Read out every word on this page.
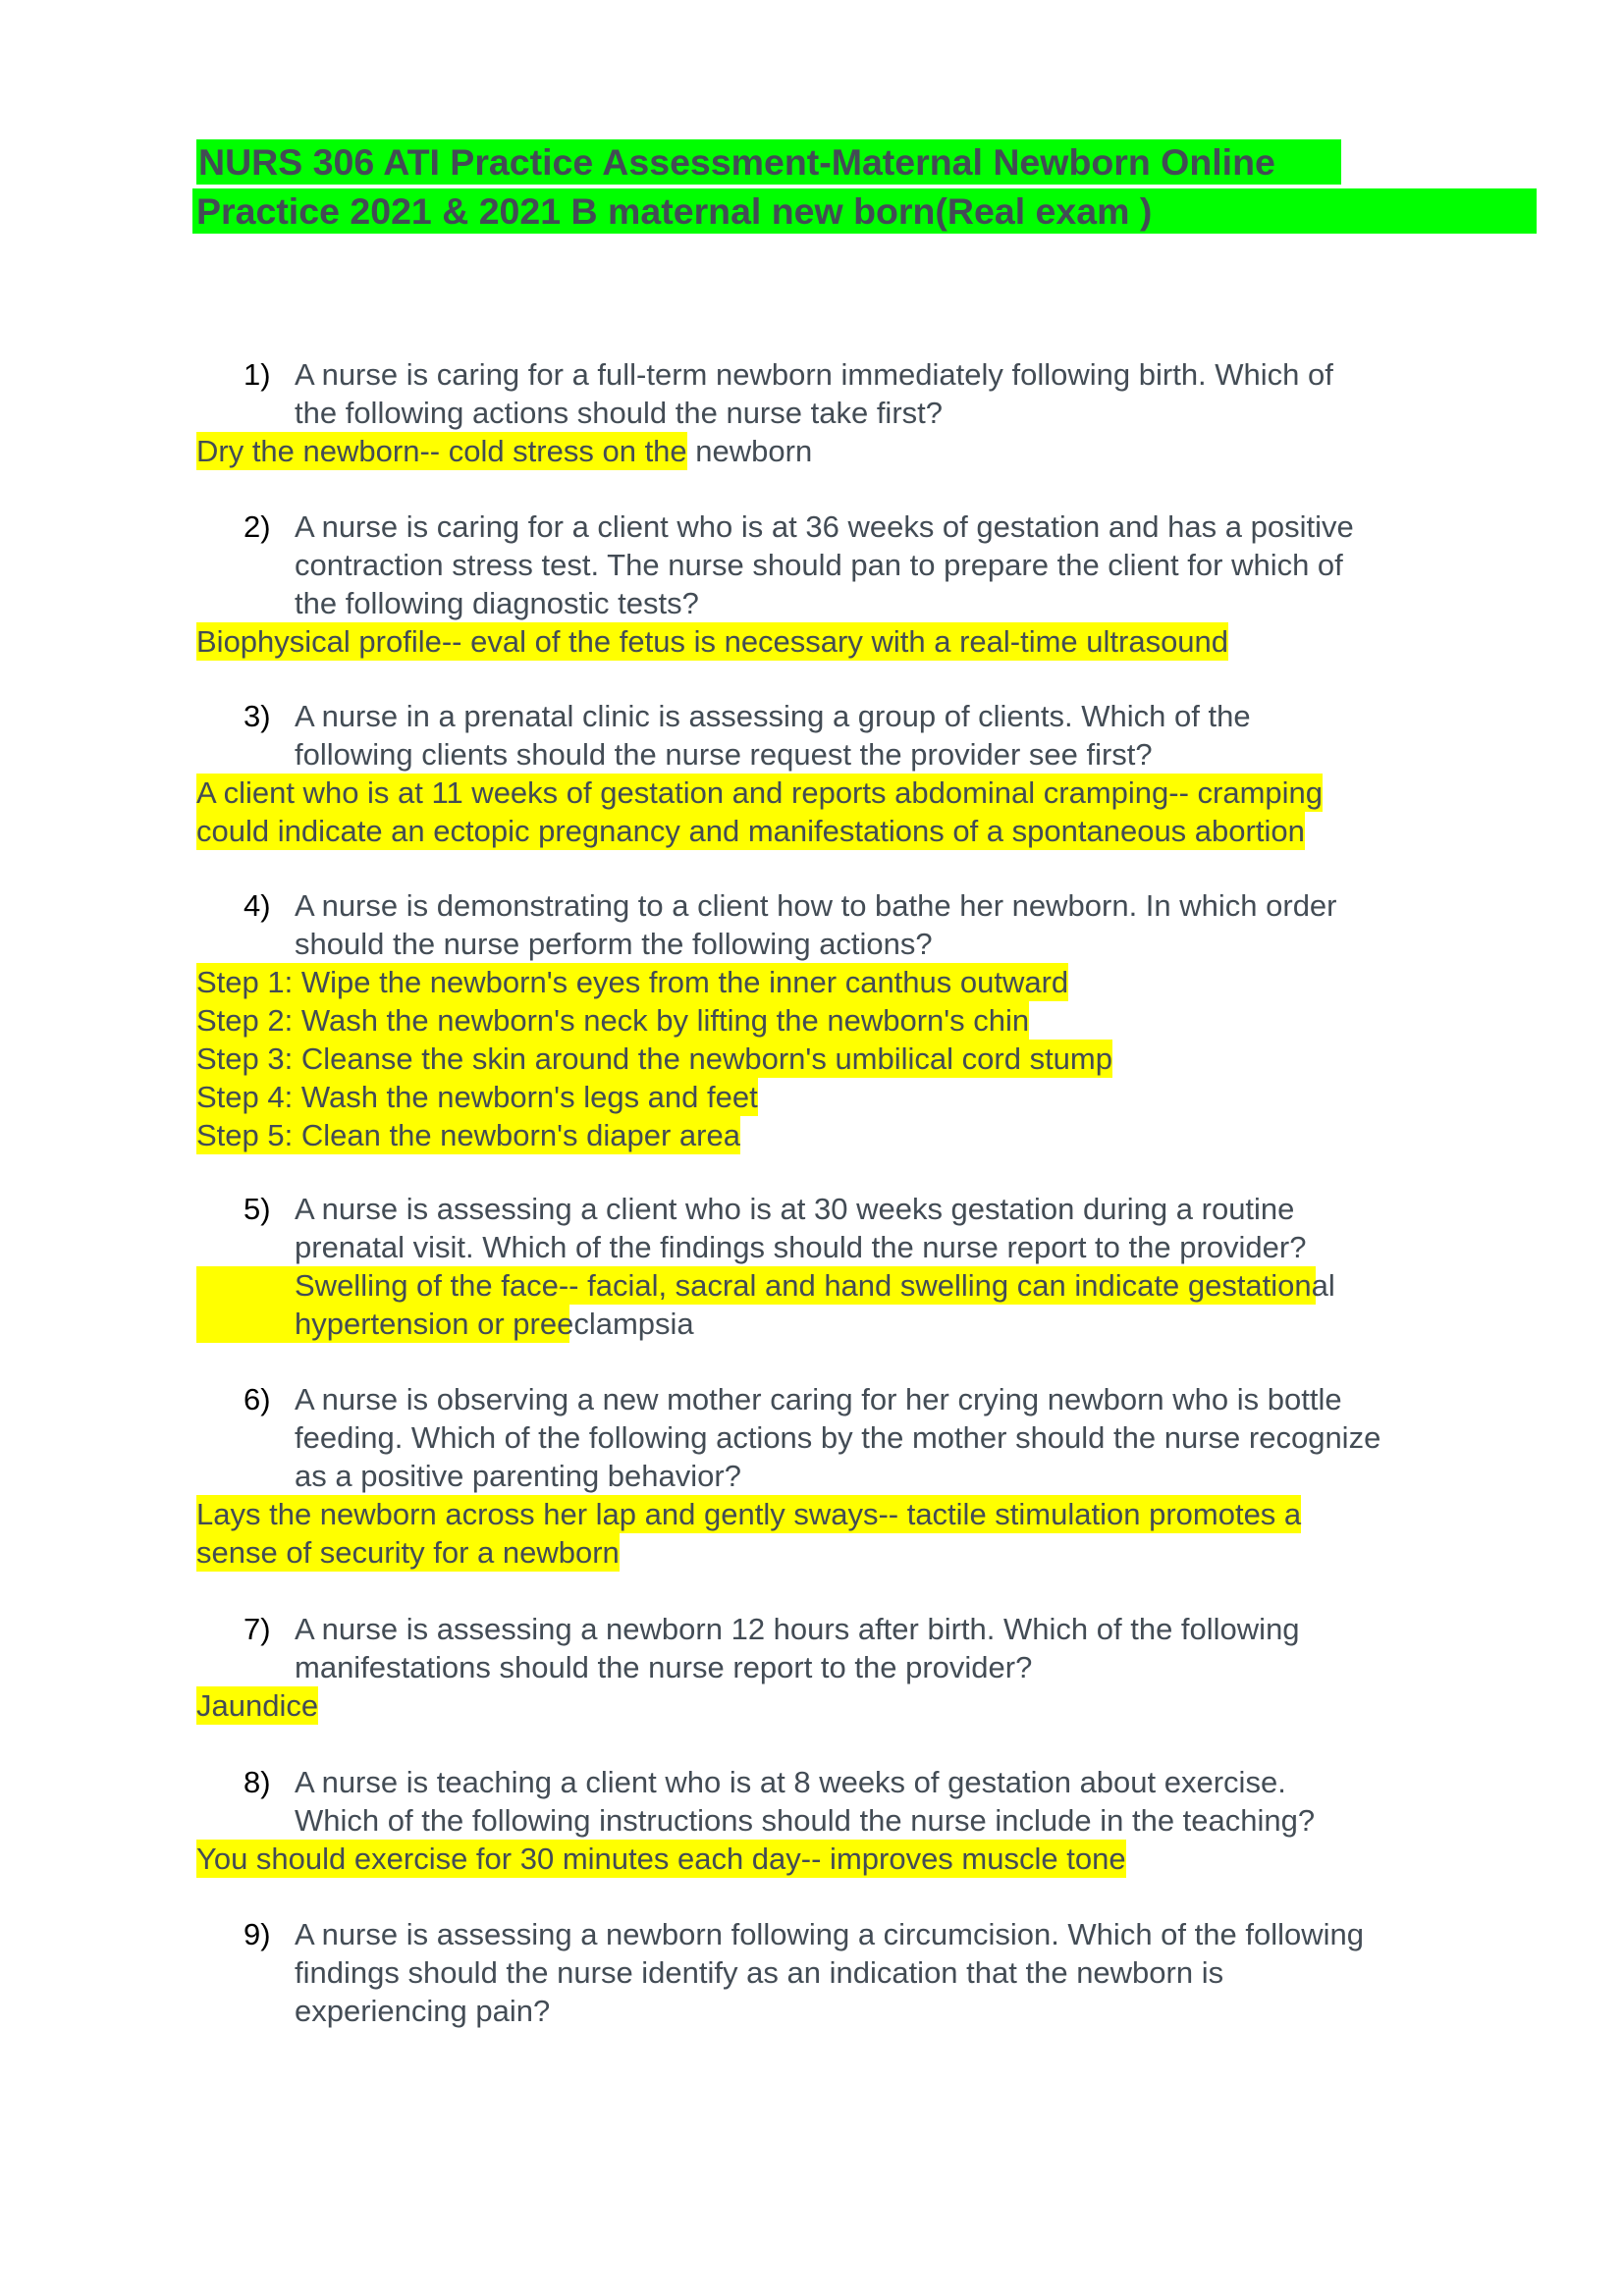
NURS 306 ATI Practice Assessment-Maternal Newborn Online
Practice 2021 & 2021 B maternal new born(Real exam )
1) A nurse is caring for a full-term newborn immediately following birth. Which of
the following actions should the nurse take first?
Dry the newborn-- cold stress on the newborn
2) A nurse is caring for a client who is at 36 weeks of gestation and has a positive
contraction stress test. The nurse should pan to prepare the client for which of
the following diagnostic tests?
Biophysical profile-- eval of the fetus is necessary with a real-time ultrasound
3) A nurse in a prenatal clinic is assessing a group of clients. Which of the
following clients should the nurse request the provider see first?
A client who is at 11 weeks of gestation and reports abdominal cramping-- cramping
could indicate an ectopic pregnancy and manifestations of a spontaneous abortion
4) A nurse is demonstrating to a client how to bathe her newborn. In which order
should the nurse perform the following actions?
Step 1: Wipe the newborn's eyes from the inner canthus outward
Step 2: Wash the newborn's neck by lifting the newborn's chin
Step 3: Cleanse the skin around the newborn's umbilical cord stump
Step 4: Wash the newborn's legs and feet
Step 5: Clean the newborn's diaper area
5) A nurse is assessing a client who is at 30 weeks gestation during a routine
prenatal visit. Which of the findings should the nurse report to the provider?
Swelling of the face-- facial, sacral and hand swelling can indicate gestational
hypertension or preeclampsia
6) A nurse is observing a new mother caring for her crying newborn who is bottle
feeding. Which of the following actions by the mother should the nurse recognize
as a positive parenting behavior?
Lays the newborn across her lap and gently sways-- tactile stimulation promotes a
sense of security for a newborn
7) A nurse is assessing a newborn 12 hours after birth. Which of the following
manifestations should the nurse report to the provider?
Jaundice
8) A nurse is teaching a client who is at 8 weeks of gestation about exercise.
Which of the following instructions should the nurse include in the teaching?
You should exercise for 30 minutes each day-- improves muscle tone
9) A nurse is assessing a newborn following a circumcision. Which of the following
findings should the nurse identify as an indication that the newborn is
experiencing pain?
